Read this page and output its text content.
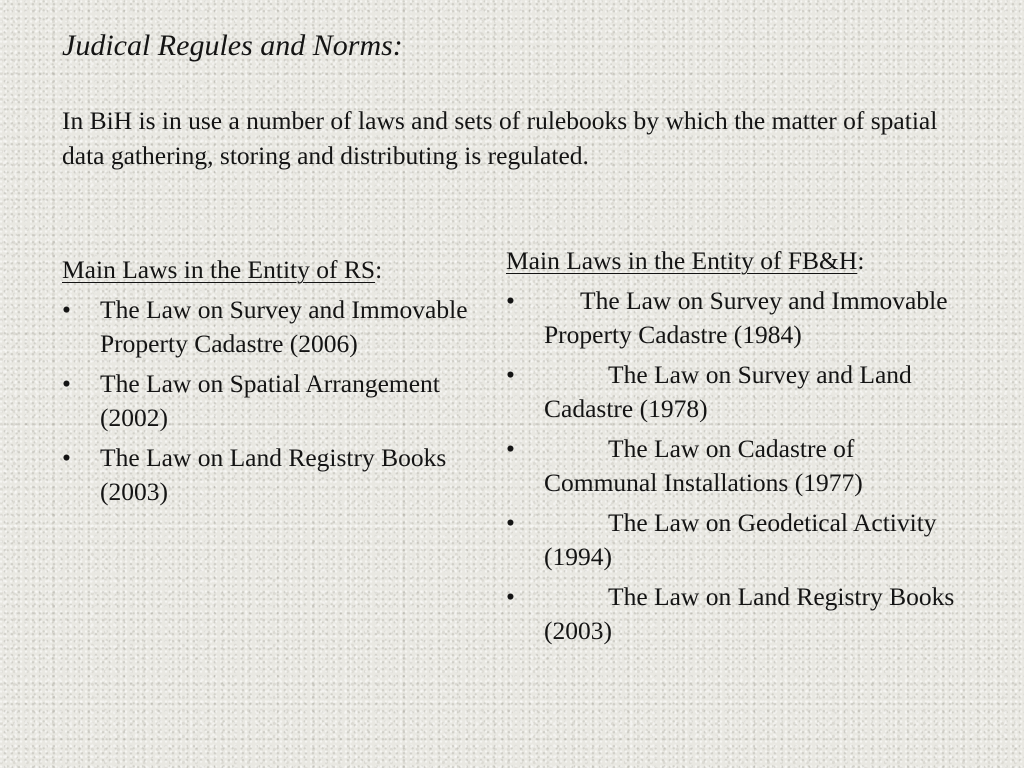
Judical Regules and Norms:

In BiH is in use a number of laws and sets of rulebooks by which the matter of spatial data gathering, storing and distributing is regulated.

Main Laws in the Entity of RS:

• The Law on Survey and Immovable Property Cadastre (2006)
• The Law on Spatial Arrangement (2002)
• The Law on Land Registry Books (2003)

Main Laws in the Entity of FB&H:

•	The Law on Survey and Immovable Property Cadastre (1984)
•	The Law on Survey and Land Cadastre (1978)
•	The Law on Cadastre of Communal Installations (1977)
•	The Law on Geodetical Activity (1994)
•	The Law on Land Registry Books (2003)
